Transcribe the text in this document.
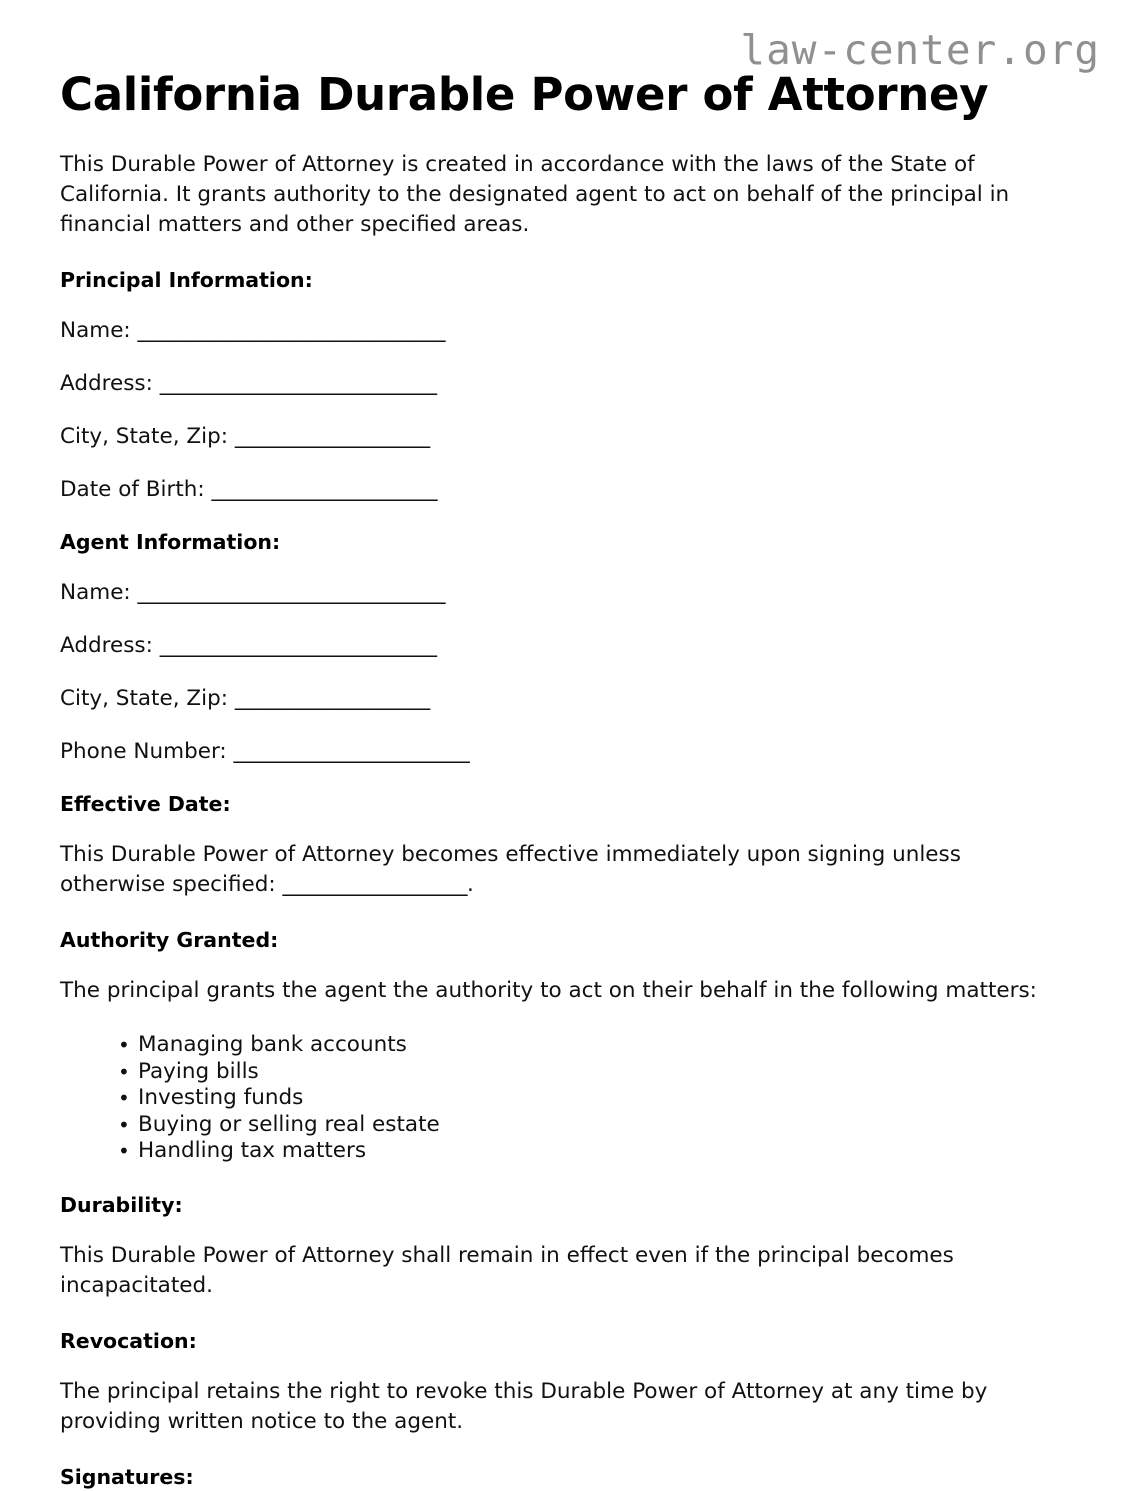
law-center.org
California Durable Power of Attorney

This Durable Power of Attorney is created in accordance with the laws of the State of California. It grants authority to the designated agent to act on behalf of the principal in financial matters and other specified areas.

Principal Information:
Name: ______________________________
Address: ___________________________
City, State, Zip: ___________________
Date of Birth: ______________________
Agent Information:
Name: ______________________________
Address: ___________________________
City, State, Zip: ___________________
Phone Number: _______________________
Effective Date:

This Durable Power of Attorney becomes effective immediately upon signing unless otherwise specified: __________________.

Authority Granted:

The principal grants the agent the authority to act on their behalf in the following matters:

• Managing bank accounts
• Paying bills
• Investing funds
• Buying or selling real estate
• Handling tax matters
Durability:

This Durable Power of Attorney shall remain in effect even if the principal becomes incapacitated.

Revocation:

The principal retains the right to revoke this Durable Power of Attorney at any time by providing written notice to the agent.

Signatures:
